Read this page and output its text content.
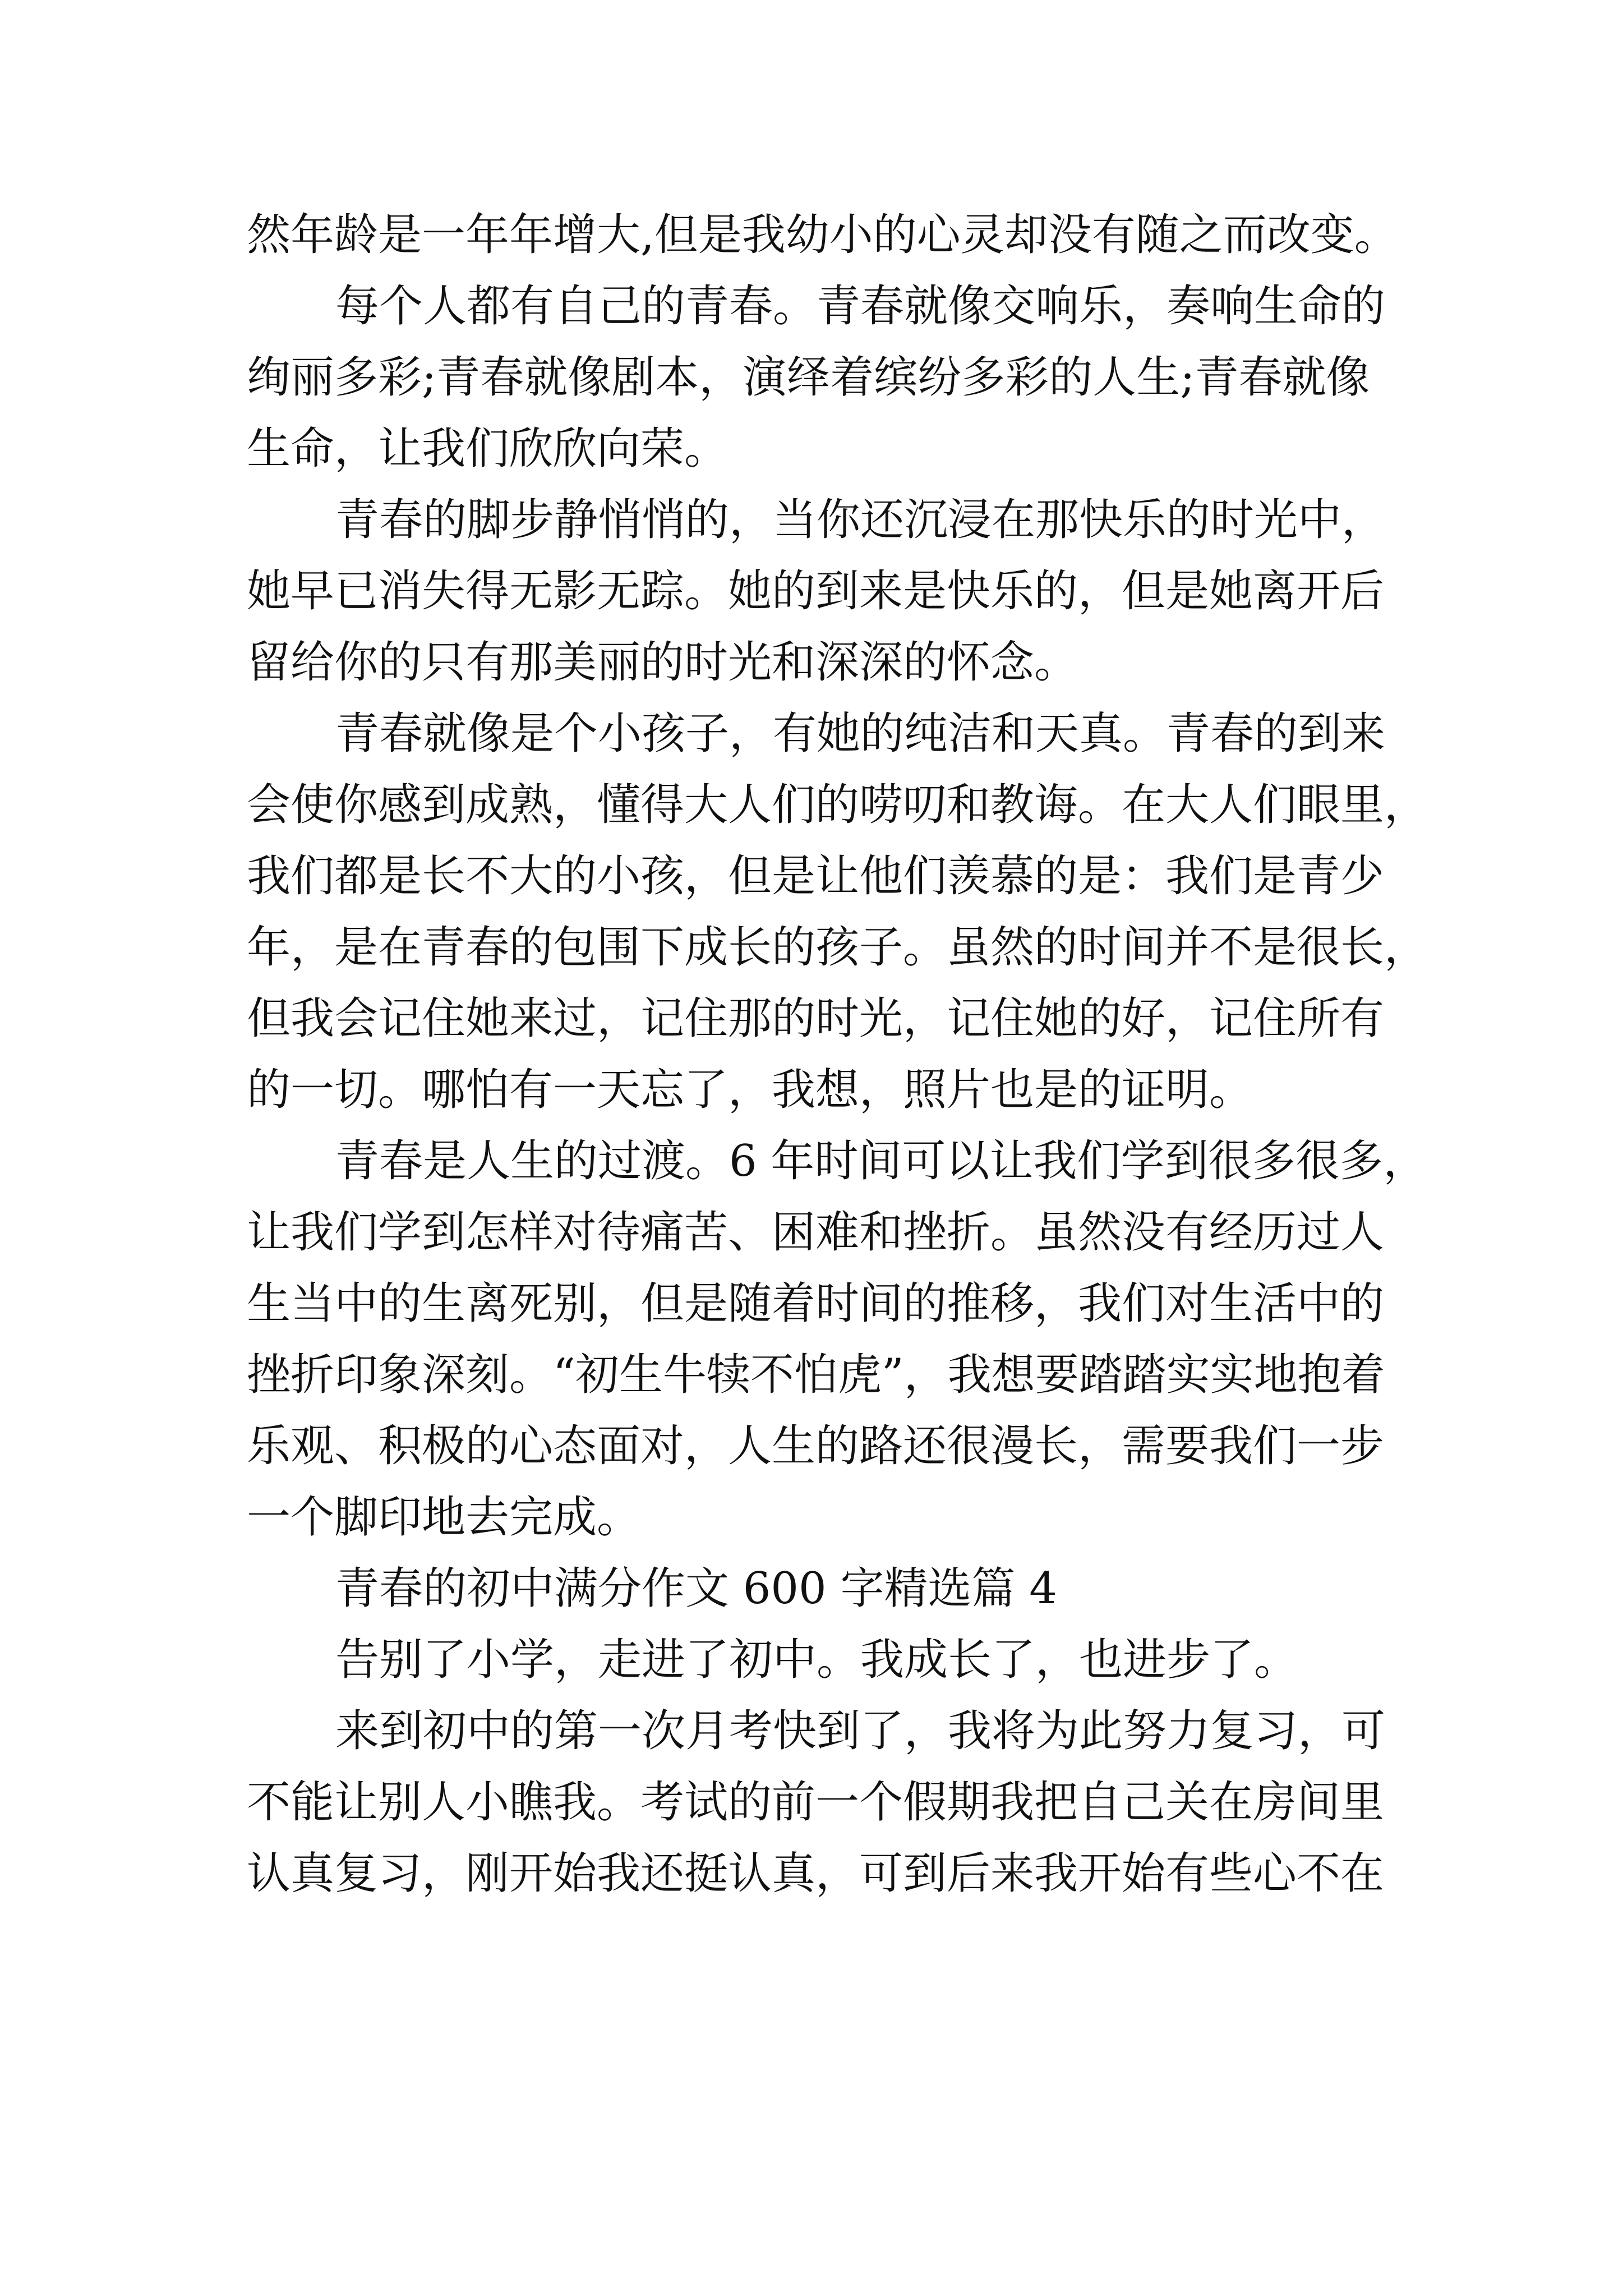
然年龄是一年年增大,但是我幼小的心灵却没有随之而改变。
每个人都有自己的青春。青春就像交响乐，奏响生命的
绚丽多彩;青春就像剧本，演绎着缤纷多彩的人生;青春就像
生命，让我们欣欣向荣。
青春的脚步静悄悄的，当你还沉浸在那快乐的时光中，
她早已消失得无影无踪。她的到来是快乐的，但是她离开后
留给你的只有那美丽的时光和深深的怀念。
青春就像是个小孩子，有她的纯洁和天真。青春的到来
会使你感到成熟，懂得大人们的唠叨和教诲。在大人们眼里，
我们都是长不大的小孩，但是让他们羡慕的是：我们是青少
年，是在青春的包围下成长的孩子。虽然的时间并不是很长，
但我会记住她来过，记住那的时光，记住她的好，记住所有
的一切。哪怕有一天忘了，我想，照片也是的证明。
青春是人生的过渡。6 年时间可以让我们学到很多很多，
让我们学到怎样对待痛苦、困难和挫折。虽然没有经历过人
生当中的生离死别，但是随着时间的推移，我们对生活中的
挫折印象深刻。“初生牛犊不怕虎”，我想要踏踏实实地抱着
乐观、积极的心态面对，人生的路还很漫长，需要我们一步
一个脚印地去完成。
青春的初中满分作文 600 字精选篇 4
告别了小学，走进了初中。我成长了，也进步了。
来到初中的第一次月考快到了，我将为此努力复习，可
不能让别人小瞧我。考试的前一个假期我把自己关在房间里
认真复习，刚开始我还挺认真，可到后来我开始有些心不在
